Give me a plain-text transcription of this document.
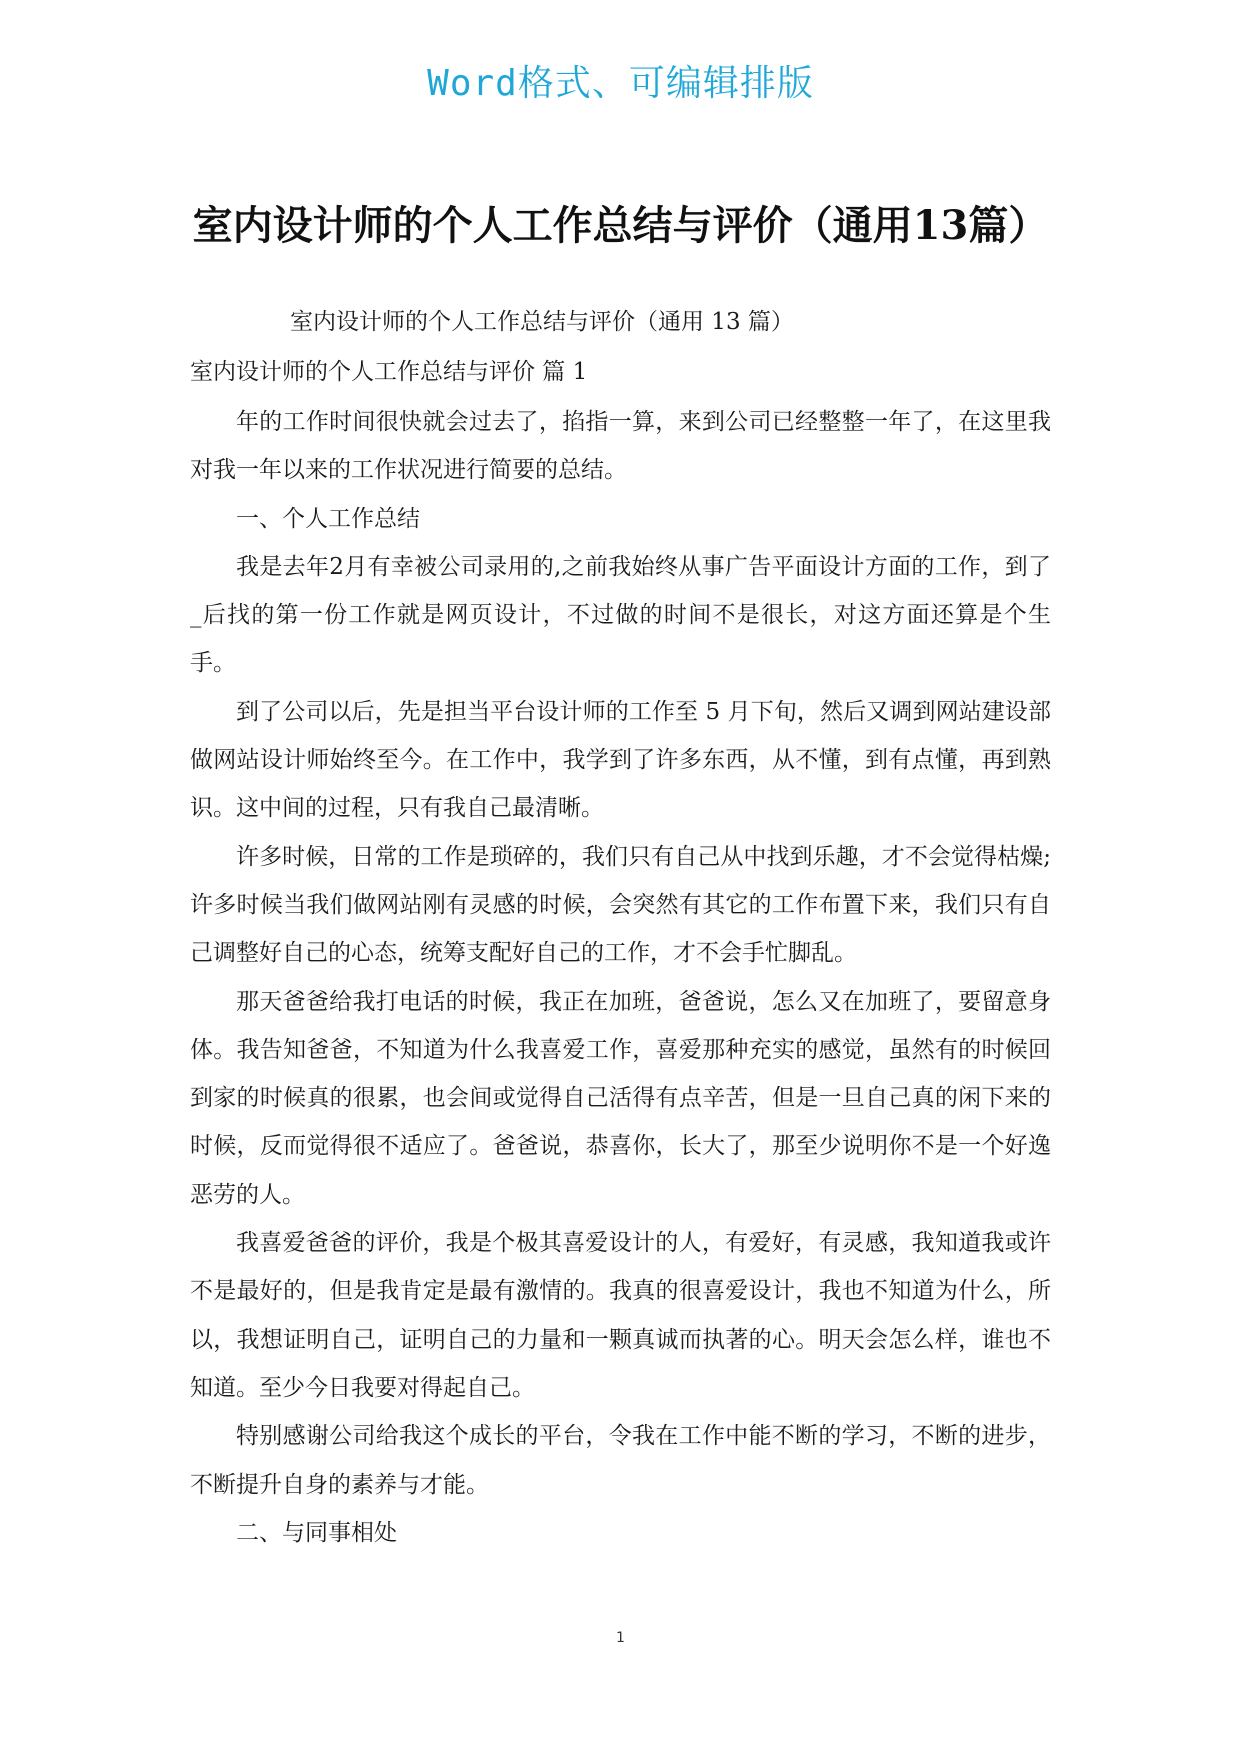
Word格式、可编辑排版
室内设计师的个人工作总结与评价（通用13篇）
室内设计师的个人工作总结与评价（通用 13 篇）
室内设计师的个人工作总结与评价 篇 1

年的工作时间很快就会过去了，掐指一算，来到公司已经整整一年了，在这里我对我一年以来的工作状况进行简要的总结。

一、个人工作总结

我是去年2月有幸被公司录用的,之前我始终从事广告平面设计方面的工作，到了_后找的第一份工作就是网页设计，不过做的时间不是很长，对这方面还算是个生手。

到了公司以后，先是担当平台设计师的工作至 5 月下旬，然后又调到网站建设部做网站设计师始终至今。在工作中，我学到了许多东西，从不懂，到有点懂，再到熟识。这中间的过程，只有我自己最清晰。

许多时候，日常的工作是琐碎的，我们只有自己从中找到乐趣，才不会觉得枯燥;许多时候当我们做网站刚有灵感的时候，会突然有其它的工作布置下来，我们只有自己调整好自己的心态，统筹支配好自己的工作，才不会手忙脚乱。

那天爸爸给我打电话的时候，我正在加班，爸爸说，怎么又在加班了，要留意身体。我告知爸爸，不知道为什么我喜爱工作，喜爱那种充实的感觉，虽然有的时候回到家的时候真的很累，也会间或觉得自己活得有点辛苦，但是一旦自己真的闲下来的时候，反而觉得很不适应了。爸爸说，恭喜你，长大了，那至少说明你不是一个好逸恶劳的人。

我喜爱爸爸的评价，我是个极其喜爱设计的人，有爱好，有灵感，我知道我或许不是最好的，但是我肯定是最有激情的。我真的很喜爱设计，我也不知道为什么，所以，我想证明自己，证明自己的力量和一颗真诚而执著的心。明天会怎么样，谁也不知道。至少今日我要对得起自己。

特别感谢公司给我这个成长的平台，令我在工作中能不断的学习，不断的进步，不断提升自身的素养与才能。

二、与同事相处

1
